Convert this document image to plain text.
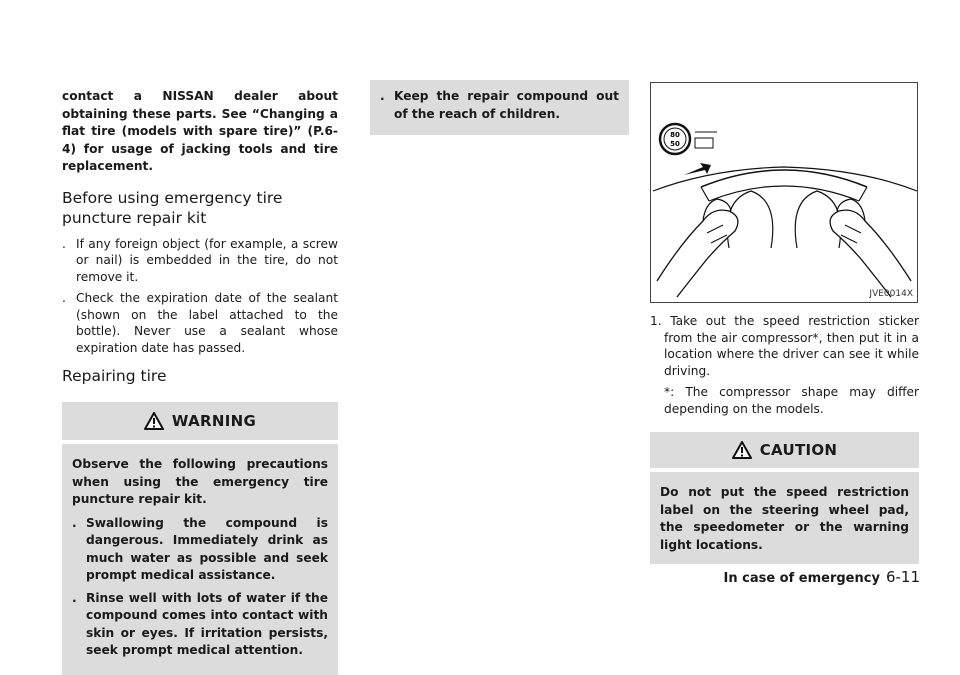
contact a NISSAN dealer about obtaining these parts. See “Changing a flat tire (models with spare tire)” (P.6-4) for usage of jacking tools and tire replacement.

Before using emergency tire puncture repair kit
. If any foreign object (for example, a screw or nail) is embedded in the tire, do not remove it.
. Check the expiration date of the sealant (shown on the label attached to the bottle). Never use a sealant whose expiration date has passed.
Repairing tire
WARNING

Observe the following precautions when using the emergency tire puncture repair kit.

. Swallowing the compound is dangerous. Immediately drink as much water as possible and seek prompt medical assistance.
. Rinse well with lots of water if the compound comes into contact with skin or eyes. If irritation persists, seek prompt medical attention.
. Keep the repair compound out of the reach of children.
80
50
JVE0014X

1. Take out the speed restriction sticker from the air compressor*, then put it in a location where the driver can see it while driving.

*: The compressor shape may differ depending on the models.

CAUTION

Do not put the speed restriction label on the steering wheel pad, the speedometer or the warning light locations.

In case of emergency 6-11
